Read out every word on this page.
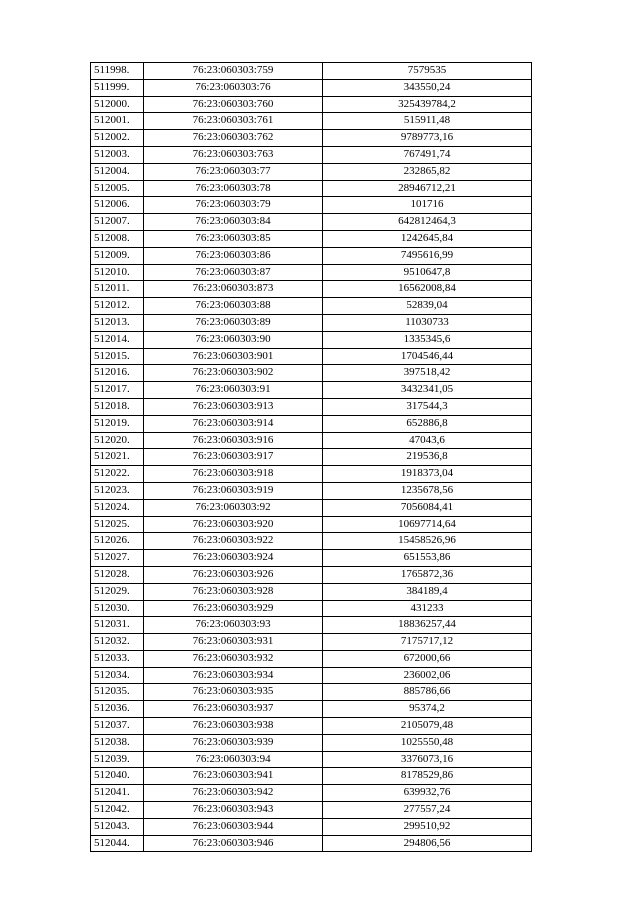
511998.	76:23:060303:759	7579535
511999.	76:23:060303:76	343550,24
512000.	76:23:060303:760	325439784,2
512001.	76:23:060303:761	515911,48
512002.	76:23:060303:762	9789773,16
512003.	76:23:060303:763	767491,74
512004.	76:23:060303:77	232865,82
512005.	76:23:060303:78	28946712,21
512006.	76:23:060303:79	101716
512007.	76:23:060303:84	642812464,3
512008.	76:23:060303:85	1242645,84
512009.	76:23:060303:86	7495616,99
512010.	76:23:060303:87	9510647,8
512011.	76:23:060303:873	16562008,84
512012.	76:23:060303:88	52839,04
512013.	76:23:060303:89	11030733
512014.	76:23:060303:90	1335345,6
512015.	76:23:060303:901	1704546,44
512016.	76:23:060303:902	397518,42
512017.	76:23:060303:91	3432341,05
512018.	76:23:060303:913	317544,3
512019.	76:23:060303:914	652886,8
512020.	76:23:060303:916	47043,6
512021.	76:23:060303:917	219536,8
512022.	76:23:060303:918	1918373,04
512023.	76:23:060303:919	1235678,56
512024.	76:23:060303:92	7056084,41
512025.	76:23:060303:920	10697714,64
512026.	76:23:060303:922	15458526,96
512027.	76:23:060303:924	651553,86
512028.	76:23:060303:926	1765872,36
512029.	76:23:060303:928	384189,4
512030.	76:23:060303:929	431233
512031.	76:23:060303:93	18836257,44
512032.	76:23:060303:931	7175717,12
512033.	76:23:060303:932	672000,66
512034.	76:23:060303:934	236002,06
512035.	76:23:060303:935	885786,66
512036.	76:23:060303:937	95374,2
512037.	76:23:060303:938	2105079,48
512038.	76:23:060303:939	1025550,48
512039.	76:23:060303:94	3376073,16
512040.	76:23:060303:941	8178529,86
512041.	76:23:060303:942	639932,76
512042.	76:23:060303:943	277557,24
512043.	76:23:060303:944	299510,92
512044.	76:23:060303:946	294806,56
